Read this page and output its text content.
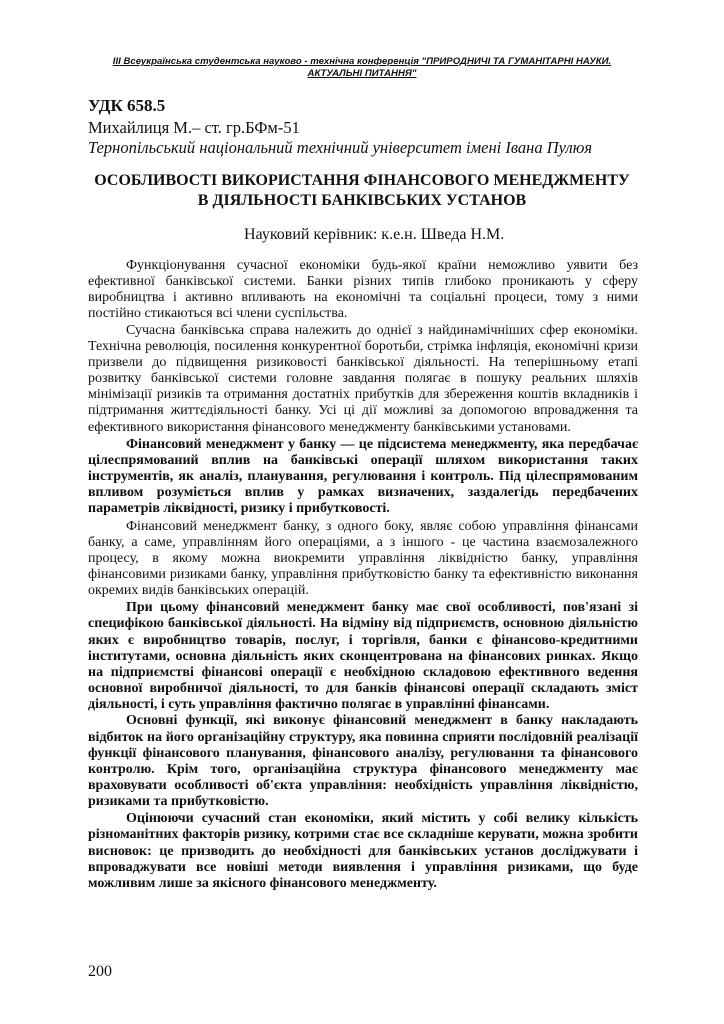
III Всеукраїнська студентська науково - технічна конференція "ПРИРОДНИЧІ ТА ГУМАНІТАРНІ НАУКИ. АКТУАЛЬНІ ПИТАННЯ"
УДК 658.5
Михайлиця М.– ст. гр.БФм-51
Тернопільський національний технічний університет імені Івана Пулюя
ОСОБЛИВОСТІ ВИКОРИСТАННЯ ФІНАНСОВОГО МЕНЕДЖМЕНТУ В ДІЯЛЬНОСТІ БАНКІВСЬКИХ УСТАНОВ
Науковий керівник: к.е.н. Шведа Н.М.

Функціонування сучасної економіки будь-якої країни неможливо уявити без ефективної банківської системи. Банки різних типів глибоко проникають у сферу виробництва і активно впливають на економічні та соціальні процеси, тому з ними постійно стикаються всі члени суспільства.

Сучасна банківська справа належить до однієї з найдинамічніших сфер економіки. Технічна революція, посилення конкурентної боротьби, стрімка інфляція, економічні кризи призвели до підвищення ризиковості банківської діяльності. На теперішньому етапі розвитку банківської системи головне завдання полягає в пошуку реальних шляхів мінімізації ризиків та отримання достатніх прибутків для збереження коштів вкладників і підтримання життєдіяльності банку. Усі ці дії можливі за допомогою впровадження та ефективного використання фінансового менеджменту банківськими установами.

Фінансовий менеджмент у банку — це підсистема менеджменту, яка передбачає цілеспрямований вплив на банківські операції шляхом використання таких інструментів, як аналіз, планування, регулювання і контроль. Під цілеспрямованим впливом розуміється вплив у рамках визначених, заздалегідь передбачених параметрів ліквідності, ризику і прибутковості.

Фінансовий менеджмент банку, з одного боку, являє собою управління фінансами банку, а саме, управлінням його операціями, а з іншого - це частина взаємозалежного процесу, в якому можна виокремити управління ліквідністю банку, управління фінансовими ризиками банку, управління прибутковістю банку та ефективністю виконання окремих видів банківських операцій.

При цьому фінансовий менеджмент банку має свої особливості, пов'язані зі специфікою банківської діяльності. На відміну від підприємств, основною діяльністю яких є виробництво товарів, послуг, і торгівля, банки є фінансово-кредитними інститутами, основна діяльність яких сконцентрована на фінансових ринках. Якщо на підприємстві фінансові операції є необхідною складовою ефективного ведення основної виробничої діяльності, то для банків фінансові операції складають зміст діяльності, і суть управління фактично полягає в управлінні фінансами.

Основні функції, які виконує фінансовий менеджмент в банку накладають відбиток на його організаційну структуру, яка повинна сприяти послідовній реалізації функції фінансового планування, фінансового аналізу, регулювання та фінансового контролю. Крім того, організаційна структура фінансового менеджменту має враховувати особливості об'єкта управління: необхідність управління ліквідністю, ризиками та прибутковістю.

Оцінюючи сучасний стан економіки, який містить у собі велику кількість різноманітних факторів ризику, котрими стає все складніше керувати, можна зробити висновок: це призводить до необхідності для банківських установ досліджувати і впроваджувати все новіші методи виявлення і управління ризиками, що буде можливим лише за якісного фінансового менеджменту.

200
